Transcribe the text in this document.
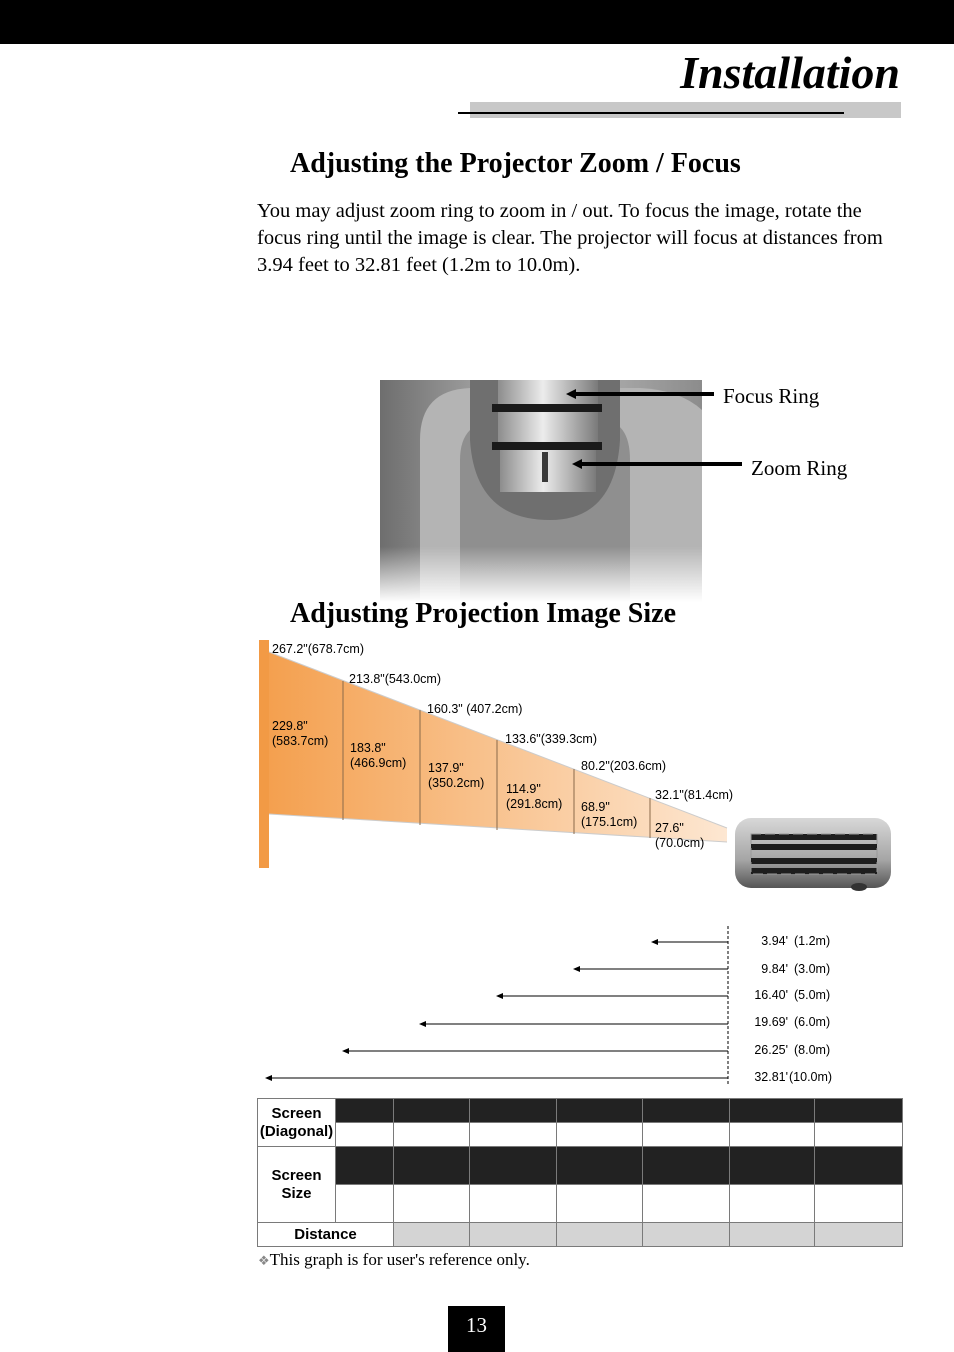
English
Installation
Adjusting the Projector Zoom / Focus
You may adjust zoom ring to zoom in / out. To focus the image, rotate the focus ring until the image is clear. The projector will focus at distances from 3.94 feet to 32.81 feet (1.2m to 10.0m).
Focus Ring
Zoom Ring
Adjusting Projection Image Size
267.2"(678.7cm)
213.8"(543.0cm)
160.3" (407.2cm)
133.6"(339.3cm)
80.2"(203.6cm)
32.1"(81.4cm)
229.8"
(583.7cm) 183.8"
(466.9cm) 137.9"
(350.2cm) 114.9"
(291.8cm) 68.9"
(175.1cm) 27.6"
(70.0cm)
3.94' (1.2m)
9.84' (3.0m)
16.40' (5.0m)
19.69' (6.0m)
26.25' (8.0m)
32.81' (10.0m)
Screen (Diagonal)							

Screen Size							

Distance							
❖This graph is for user's reference only.
13
